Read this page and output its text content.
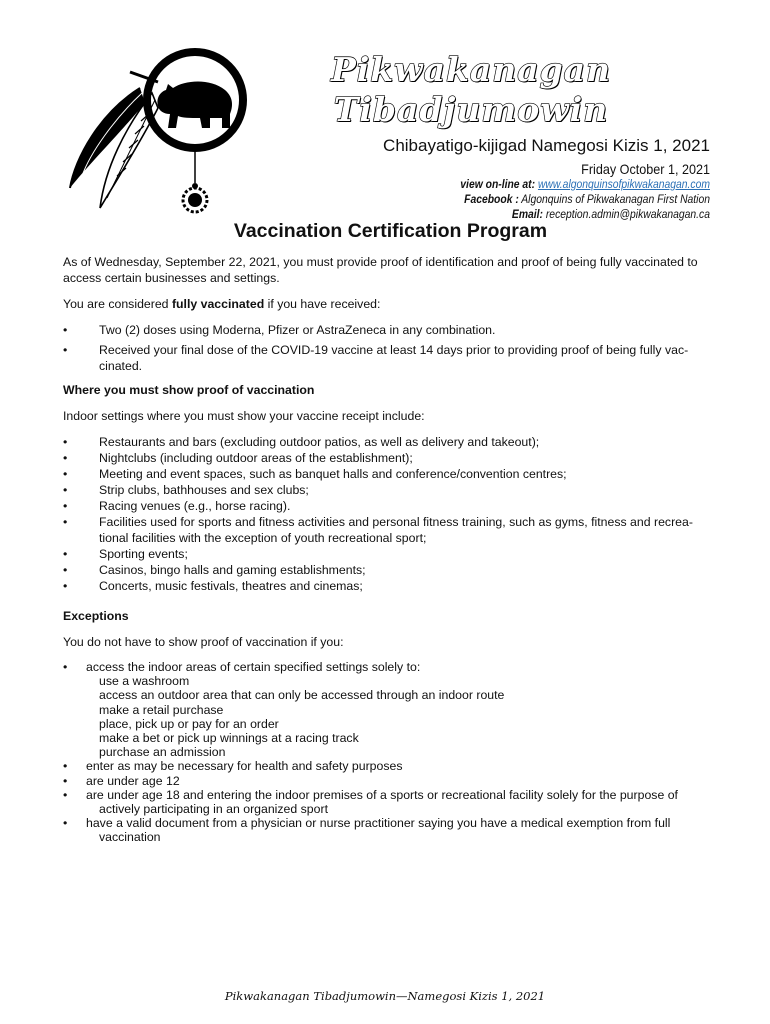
Pikwakanagan Tibadjumowin
Chibayatigo-kijigad Namegosi Kizis 1, 2021
Friday October 1, 2021
view on-line at: www.algonquinsofpikwakanagan.com
Facebook : Algonquins of Pikwakanagan First Nation
Email: reception.admin@pikwakanagan.ca
Vaccination Certification Program

As of Wednesday, September 22, 2021, you must provide proof of identification and proof of being fully vaccinated to access certain businesses and settings.

You are considered fully vaccinated if you have received:

• Two (2) doses using Moderna, Pfizer or AstraZeneca in any combination.
• Received your final dose of the COVID-19 vaccine at least 14 days prior to providing proof of being fully vac-cinated.
Where you must show proof of vaccination

Indoor settings where you must show your vaccine receipt include:

• Restaurants and bars (excluding outdoor patios, as well as delivery and takeout);
• Nightclubs (including outdoor areas of the establishment);
• Meeting and event spaces, such as banquet halls and conference/convention centres;
• Strip clubs, bathhouses and sex clubs;
• Racing venues (e.g., horse racing).
• Facilities used for sports and fitness activities and personal fitness training, such as gyms, fitness and recrea-tional facilities with the exception of youth recreational sport;
• Sporting events;
• Casinos, bingo halls and gaming establishments;
• Concerts, music festivals, theatres and cinemas;
Exceptions

You do not have to show proof of vaccination if you:

• access the indoor areas of certain specified settings solely to:
use a washroom
access an outdoor area that can only be accessed through an indoor route
make a retail purchase
place, pick up or pay for an order
make a bet or pick up winnings at a racing track
purchase an admission
• enter as may be necessary for health and safety purposes
• are under age 12
• are under age 18 and entering the indoor premises of a sports or recreational facility solely for the purpose of
actively participating in an organized sport
• have a valid document from a physician or nurse practitioner saying you have a medical exemption from full
vaccination
Pikwakanagan Tibadjumowin—Namegosi Kizis 1, 2021
